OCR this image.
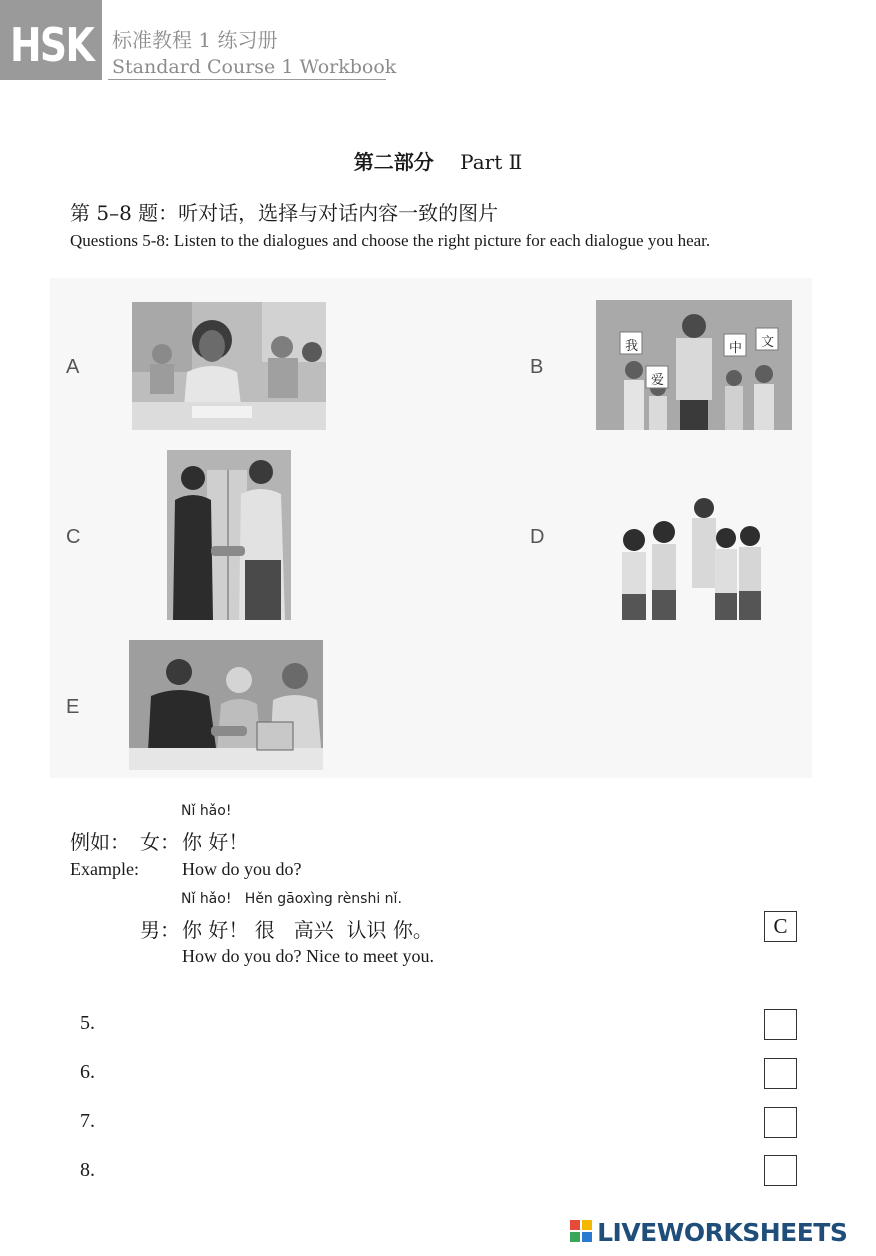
HSK 标准教程 1 练习册
Standard Course 1 Workbook
第二部分 Part Ⅱ
第 5–8 题：听对话，选择与对话内容一致的图片
Questions 5-8: Listen to the dialogues and choose the right picture for each dialogue you hear.
A	B
我
爱
中 文
C	D
E
Nǐ hǎo!
例如： 女： 你 好！
Example: How do you do?
Nǐ hǎo!   Hěn gāoxìng rènshi nǐ.
男： 你 好！ 很   高兴  认识 你。
How do you do? Nice to meet you.
C
5.
6.
7.
8.
LIVEWORKSHEETS
